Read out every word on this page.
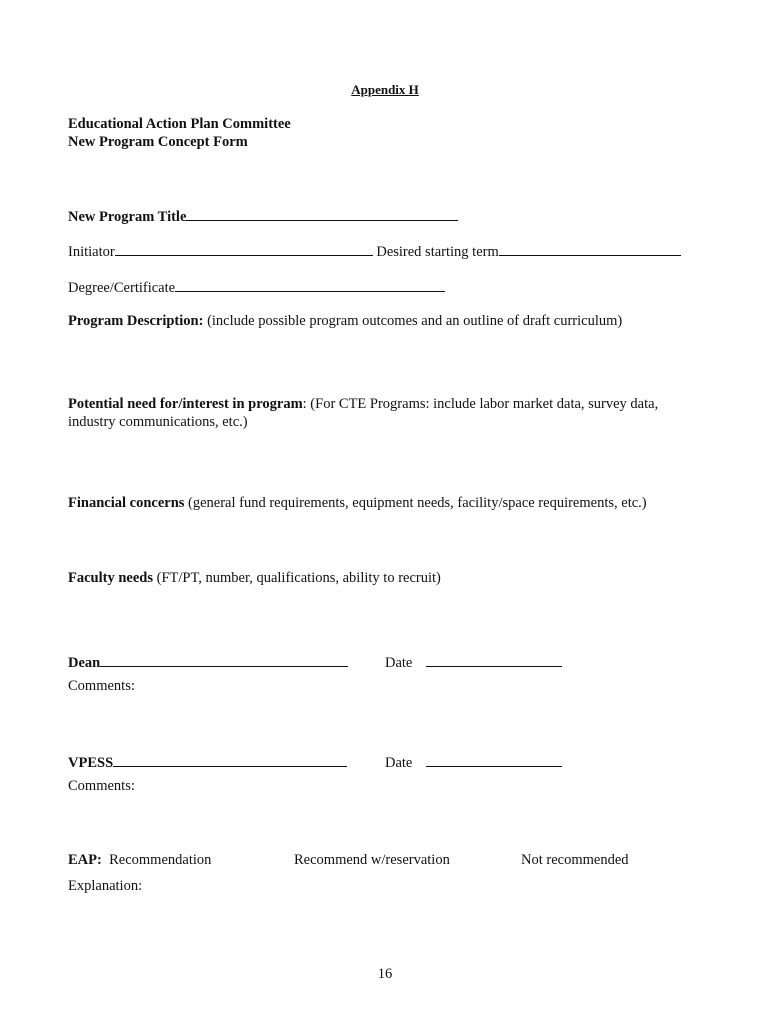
Appendix H
Educational Action Plan Committee
New Program Concept Form
New Program Title
Initiator	Desired starting term
Degree/Certificate
Program Description: (include possible program outcomes and an outline of draft curriculum)
Potential need for/interest in program: (For CTE Programs: include labor market data, survey data, industry communications, etc.)
Financial concerns (general fund requirements, equipment needs, facility/space requirements, etc.)
Faculty needs (FT/PT, number, qualifications, ability to recruit)
Dean	Date
Comments:
VPESS	Date
Comments:
EAP: Recommendation	Recommend w/reservation	Not recommended
Explanation:
16
